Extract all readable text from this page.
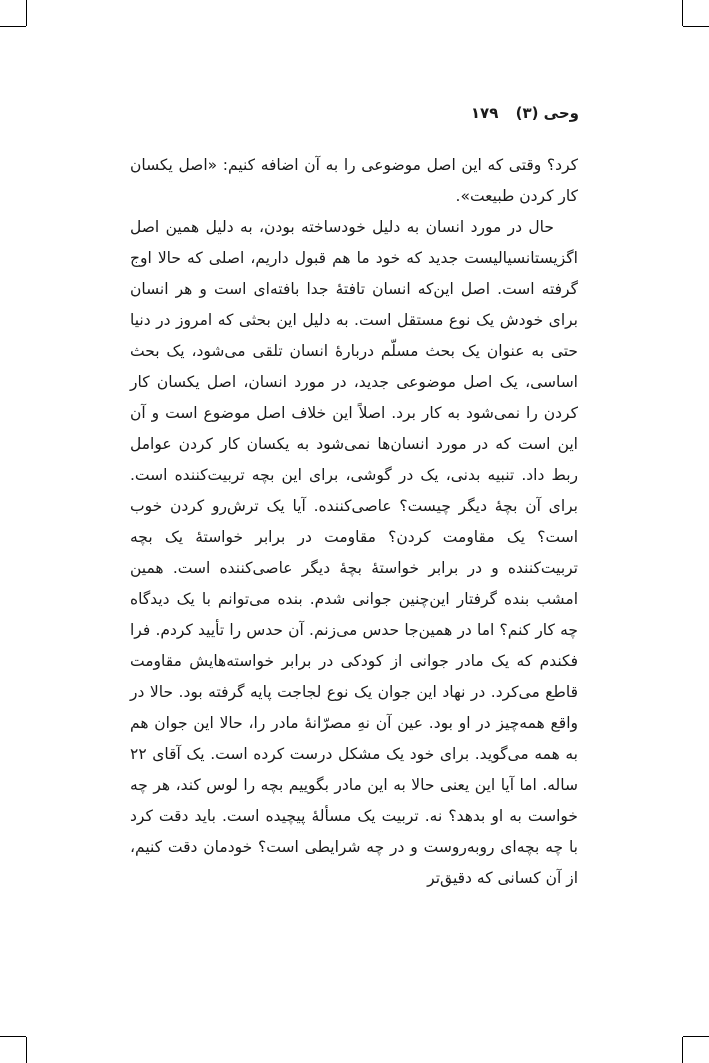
وحی (۳) ۱۷۹

کرد؟ وقتی که این اصل موضوعی را به آن اضافه کنیم: «اصل یکسان کار کردن طبیعت».

حال در مورد انسان به دلیل خودساخته بودن، به دلیل همین اصل اگزیستانسیالیست جدید که خود ما هم قبول داریم، اصلی که حالا اوج گرفته است. اصل این‌که انسان تافتهٔ جدا بافته‌ای است و هر انسان برای خودش یک نوع مستقل است. به دلیل این بحثی که امروز در دنیا حتی به عنوان یک بحث مسلّم دربارهٔ انسان تلقی می‌شود، یک بحث اساسی، یک اصل موضوعی جدید، در مورد انسان، اصل یکسان کار کردن را نمی‌شود به کار برد. اصلاً این خلاف اصل موضوع است و آن این است که در مورد انسان‌ها نمی‌شود به یکسان کار کردن عوامل ربط داد. تنبیه بدنی، یک در گوشی، برای این بچه تربیت‌کننده است. برای آن بچهٔ دیگر چیست؟ عاصی‌کننده. آیا یک ترش‌رو کردن خوب است؟ یک مقاومت کردن؟ مقاومت در برابر خواستهٔ یک بچه تربیت‌کننده و در برابر خواستهٔ بچهٔ دیگر عاصی‌کننده است. همین امشب بنده گرفتار این‌چنین جوانی شدم. بنده می‌توانم با یک دیدگاه چه کار کنم؟ اما در همین‌جا حدس می‌زنم. آن حدس را تأیید کردم. فرا فکندم که یک مادر جوانی از کودکی در برابر خواسته‌هایش مقاومت قاطع می‌کرد. در نهاد این جوان یک نوع لجاجت پایه گرفته بود. حالا در واقع همه‌چیز در او بود. عین آن نهِ مصرّانهٔ مادر را، حالا این جوان هم به همه می‌گوید. برای خود یک مشکل درست کرده است. یک آقای ۲۲ ساله. اما آیا این یعنی حالا به این مادر بگوییم بچه را لوس کند، هر چه خواست به او بدهد؟ نه. تربیت یک مسألهٔ پیچیده است. باید دقت کرد با چه بچه‌ای روبه‌روست و در چه شرایطی است؟ خودمان دقت کنیم، از آن کسانی که دقیق‌تر
